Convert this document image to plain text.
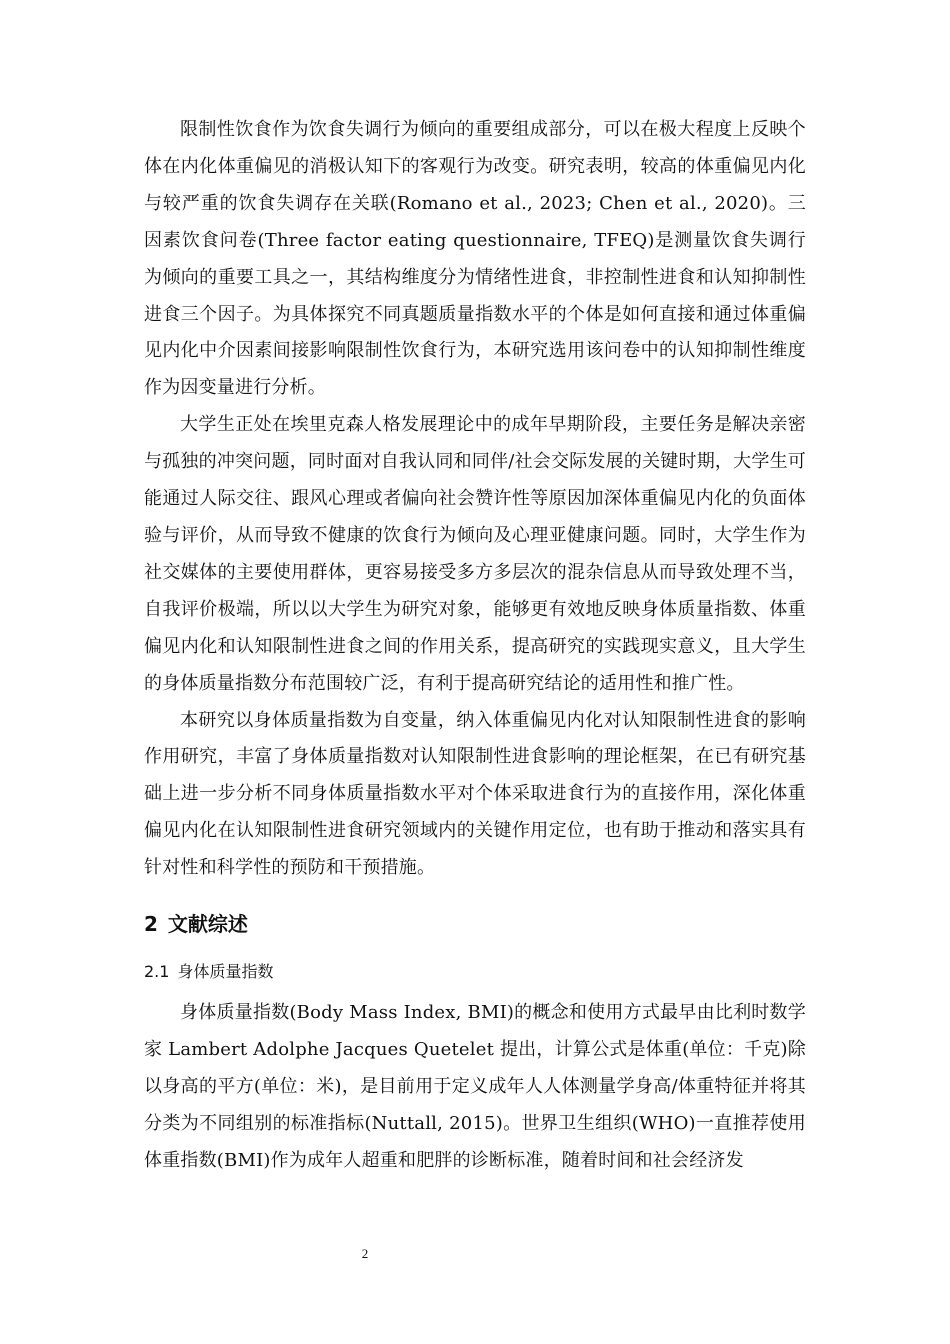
限制性饮食作为饮食失调行为倾向的重要组成部分，可以在极大程度上反映个体在内化体重偏见的消极认知下的客观行为改变。研究表明，较高的体重偏见内化与较严重的饮食失调存在关联(Romano et al., 2023; Chen et al., 2020)。三因素饮食问卷(Three factor eating questionnaire, TFEQ)是测量饮食失调行为倾向的重要工具之一，其结构维度分为情绪性进食，非控制性进食和认知抑制性进食三个因子。为具体探究不同真题质量指数水平的个体是如何直接和通过体重偏见内化中介因素间接影响限制性饮食行为，本研究选用该问卷中的认知抑制性维度作为因变量进行分析。

大学生正处在埃里克森人格发展理论中的成年早期阶段，主要任务是解决亲密与孤独的冲突问题，同时面对自我认同和同伴/社会交际发展的关键时期，大学生可能通过人际交往、跟风心理或者偏向社会赞许性等原因加深体重偏见内化的负面体验与评价，从而导致不健康的饮食行为倾向及心理亚健康问题。同时，大学生作为社交媒体的主要使用群体，更容易接受多方多层次的混杂信息从而导致处理不当，自我评价极端，所以以大学生为研究对象，能够更有效地反映身体质量指数、体重偏见内化和认知限制性进食之间的作用关系，提高研究的实践现实意义，且大学生的身体质量指数分布范围较广泛，有利于提高研究结论的适用性和推广性。

本研究以身体质量指数为自变量，纳入体重偏见内化对认知限制性进食的影响作用研究，丰富了身体质量指数对认知限制性进食影响的理论框架，在已有研究基础上进一步分析不同身体质量指数水平对个体采取进食行为的直接作用，深化体重偏见内化在认知限制性进食研究领域内的关键作用定位，也有助于推动和落实具有针对性和科学性的预防和干预措施。

2 文献综述
2.1 身体质量指数

身体质量指数(Body Mass Index, BMI)的概念和使用方式最早由比利时数学家 Lambert Adolphe Jacques Quetelet 提出，计算公式是体重(单位：千克)除以身高的平方(单位：米)，是目前用于定义成年人人体测量学身高/体重特征并将其分类为不同组别的标准指标(Nuttall, 2015)。世界卫生组织(WHO)一直推荐使用体重指数(BMI)作为成年人超重和肥胖的诊断标准，随着时间和社会经济发

2
